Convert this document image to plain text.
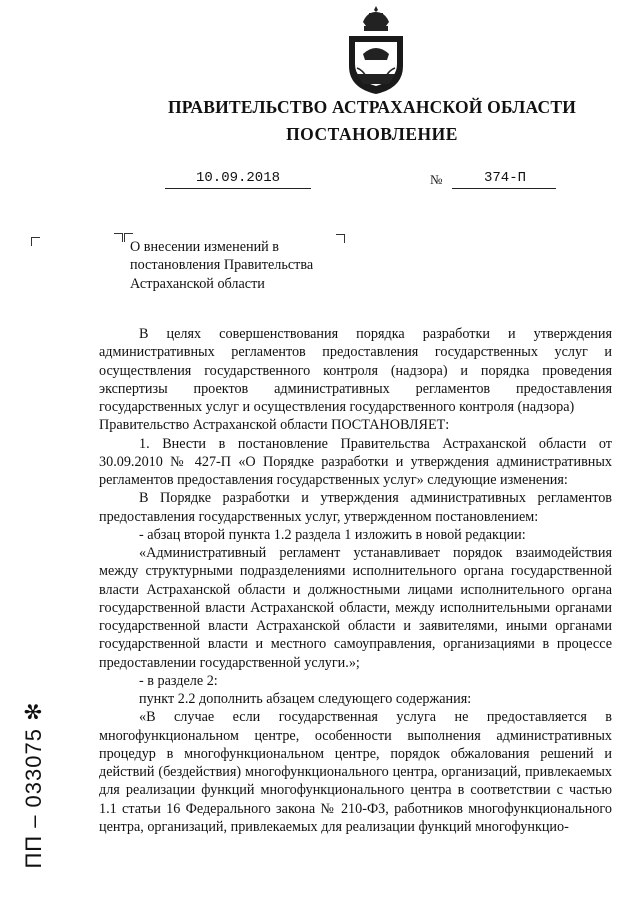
ПРАВИТЕЛЬСТВО АСТРАХАНСКОЙ ОБЛАСТИ
ПОСТАНОВЛЕНИЕ
10.09.2018	№	374-П
О внесении изменений в постановления Правительства Астраханской области

В целях совершенствования порядка разработки и утверждения административных регламентов предоставления государственных услуг и осуществления государственного контроля (надзора) и порядка проведения экспертизы проектов административных регламентов предоставления государственных услуг и осуществления государственного контроля (надзора)

Правительство Астраханской области ПОСТАНОВЛЯЕТ:

1. Внести в постановление Правительства Астраханской области от 30.09.2010 № 427-П «О Порядке разработки и утверждения административных регламентов предоставления государственных услуг» следующие изменения:

В Порядке разработки и утверждения административных регламентов предоставления государственных услуг, утвержденном постановлением:

- абзац второй пункта 1.2 раздела 1 изложить в новой редакции:

«Административный регламент устанавливает порядок взаимодействия между структурными подразделениями исполнительного органа государственной власти Астраханской области и должностными лицами исполнительного органа государственной власти Астраханской области, между исполнительными органами государственной власти Астраханской области и заявителями, иными органами государственной власти и местного самоуправления, организациями в процессе предоставлении государственной услуги.»;

- в разделе 2:

пункт 2.2 дополнить абзацем следующего содержания:

«В случае если государственная услуга не предоставляется в многофункциональном центре, особенности выполнения административных процедур в многофункциональном центре, порядок обжалования решений и действий (бездействия) многофункционального центра, организаций, привлекаемых для реализации функций многофункционального центра в соответствии с частью 1.1 статьи 16 Федерального закона № 210-ФЗ, работников многофункционального центра, организаций, привлекаемых для реализации функций многофункцио-

ПП – 033075 ✻
